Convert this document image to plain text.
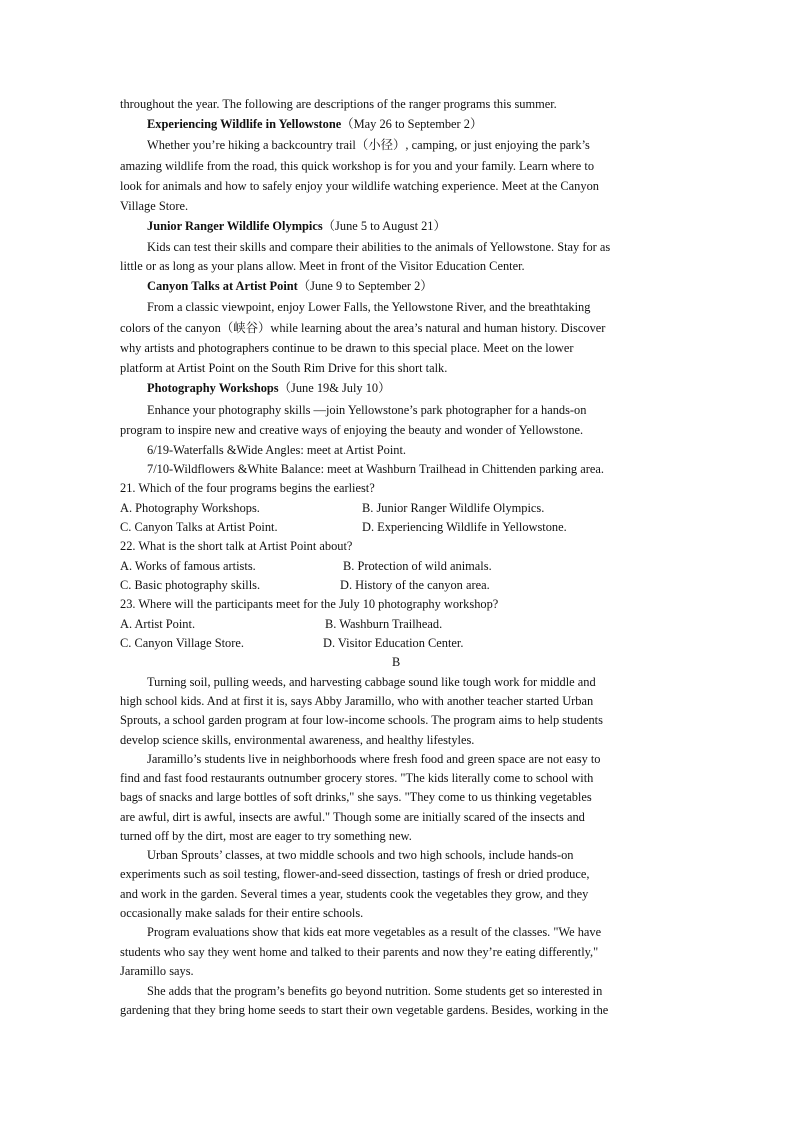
throughout the year. The following are descriptions of the ranger programs this summer.
Experiencing Wildlife in Yellowstone（May 26 to September 2）
Whether you’re hiking a backcountry trail（小径）, camping, or just enjoying the park’s
amazing wildlife from the road, this quick workshop is for you and your family. Learn where to
look for animals and how to safely enjoy your wildlife watching experience. Meet at the Canyon
Village Store.
Junior Ranger Wildlife Olympics（June 5 to August 21）
Kids can test their skills and compare their abilities to the animals of Yellowstone. Stay for as
little or as long as your plans allow. Meet in front of the Visitor Education Center.
Canyon Talks at Artist Point（June 9 to September 2）
From a classic viewpoint, enjoy Lower Falls, the Yellowstone River, and the breathtaking
colors of the canyon（峡谷）while learning about the area’s natural and human history. Discover
why artists and photographers continue to be drawn to this special place. Meet on the lower
platform at Artist Point on the South Rim Drive for this short talk.
Photography Workshops（June 19& July 10）
Enhance your photography skills —join Yellowstone’s park photographer for a hands-on
program to inspire new and creative ways of enjoying the beauty and wonder of Yellowstone.
6/19-Waterfalls &Wide Angles: meet at Artist Point.
7/10-Wildflowers &White Balance: meet at Washburn Trailhead in Chittenden parking area.
21. Which of the four programs begins the earliest?
A. Photography Workshops.	B. Junior Ranger Wildlife Olympics.
C. Canyon Talks at Artist Point.	D. Experiencing Wildlife in Yellowstone.
22. What is the short talk at Artist Point about?
A. Works of famous artists.	B. Protection of wild animals.
C. Basic photography skills.	D. History of the canyon area.
23. Where will the participants meet for the July 10 photography workshop?
A. Artist Point.	B. Washburn Trailhead.
C. Canyon Village Store.	D. Visitor Education Center.
B
Turning soil, pulling weeds, and harvesting cabbage sound like tough work for middle and
high school kids. And at first it is, says Abby Jaramillo, who with another teacher started Urban
Sprouts, a school garden program at four low-income schools. The program aims to help students
develop science skills, environmental awareness, and healthy lifestyles.
Jaramillo’s students live in neighborhoods where fresh food and green space are not easy to
find and fast food restaurants outnumber grocery stores. "The kids literally come to school with
bags of snacks and large bottles of soft drinks," she says. "They come to us thinking vegetables
are awful, dirt is awful, insects are awful." Though some are initially scared of the insects and
turned off by the dirt, most are eager to try something new.
Urban Sprouts’ classes, at two middle schools and two high schools, include hands-on
experiments such as soil testing, flower-and-seed dissection, tastings of fresh or dried produce,
and work in the garden. Several times a year, students cook the vegetables they grow, and they
occasionally make salads for their entire schools.
Program evaluations show that kids eat more vegetables as a result of the classes. "We have
students who say they went home and talked to their parents and now they’re eating differently,"
Jaramillo says.
She adds that the program’s benefits go beyond nutrition. Some students get so interested in
gardening that they bring home seeds to start their own vegetable gardens. Besides, working in the
